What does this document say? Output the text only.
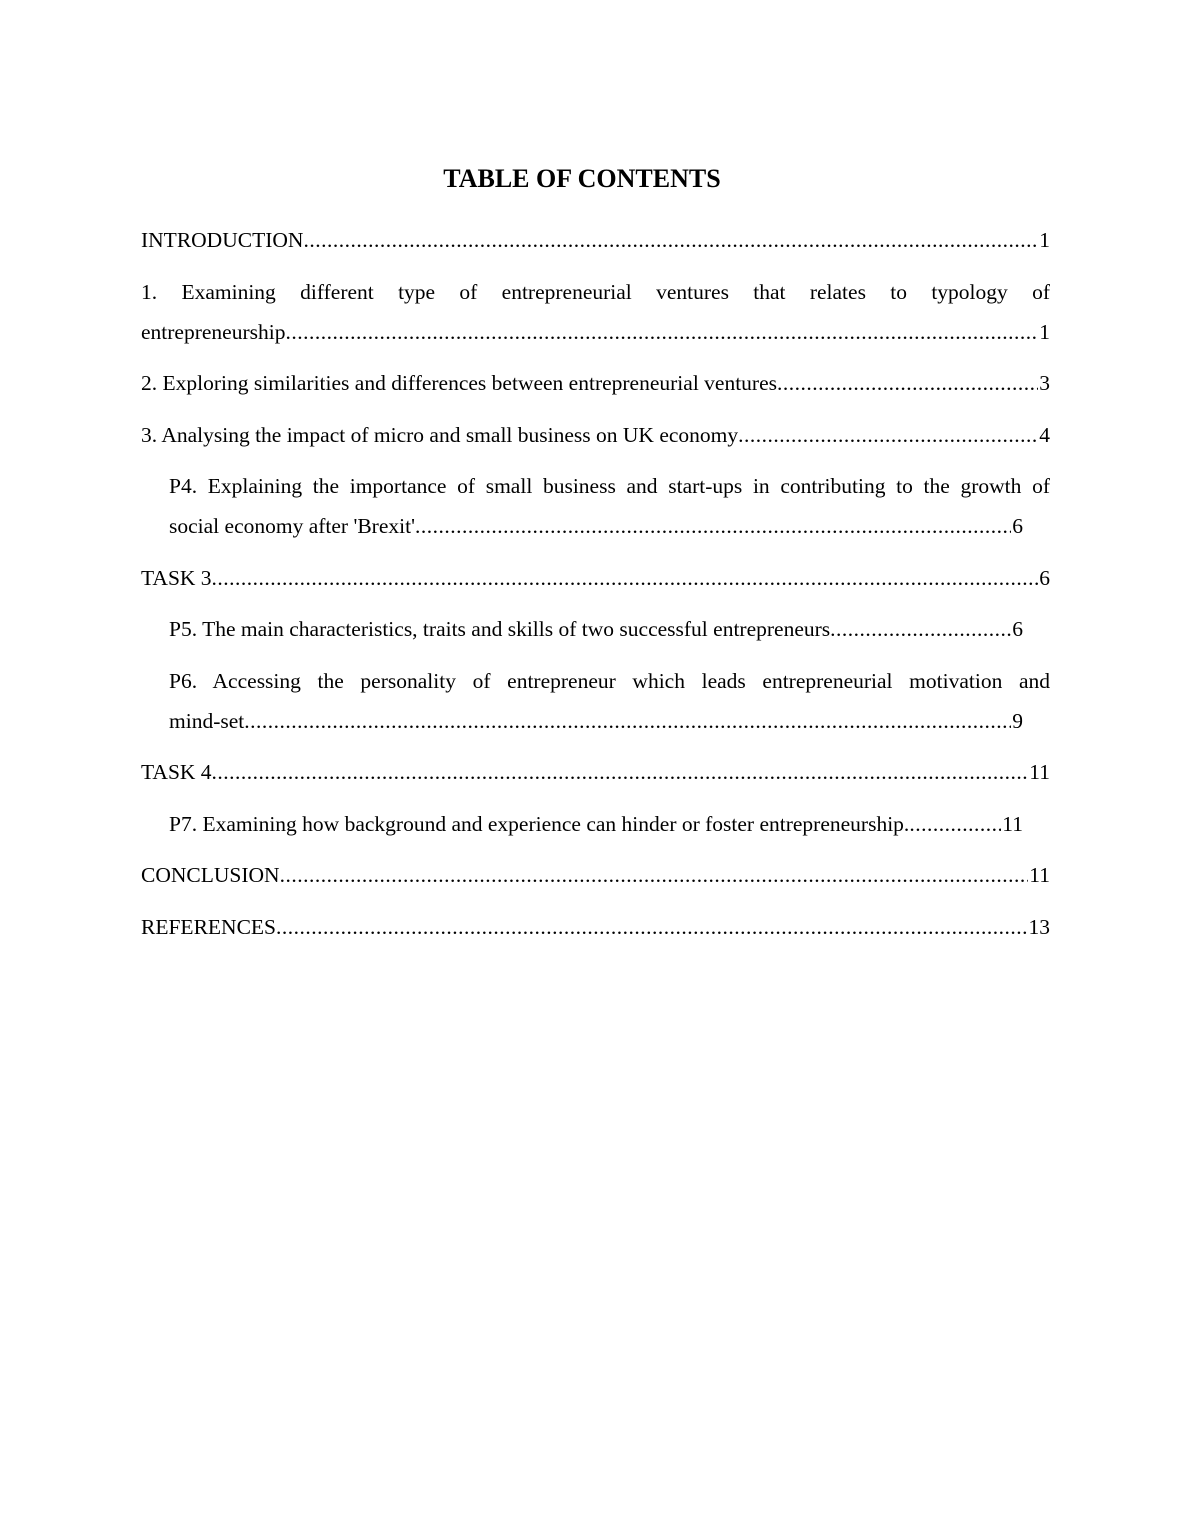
TABLE OF CONTENTS
INTRODUCTION .....	1
1. Examining different type of entrepreneurial ventures that relates to typology of
entrepreneurship .....	1
2. Exploring similarities and differences between entrepreneurial ventures .....	3
3. Analysing the impact of micro and small business on UK economy .....	4
P4. Explaining the importance of small business and start-ups in contributing to the growth of
social economy after 'Brexit' .....	6
TASK 3 .....	6
P5. The main characteristics, traits and skills of two successful entrepreneurs .....	6
P6. Accessing the personality of entrepreneur which leads entrepreneurial motivation and
mind-set .....	9
TASK 4 .....	11
P7. Examining how background and experience can hinder or foster entrepreneurship. .....	11
CONCLUSION .....	11
REFERENCES .....	13
